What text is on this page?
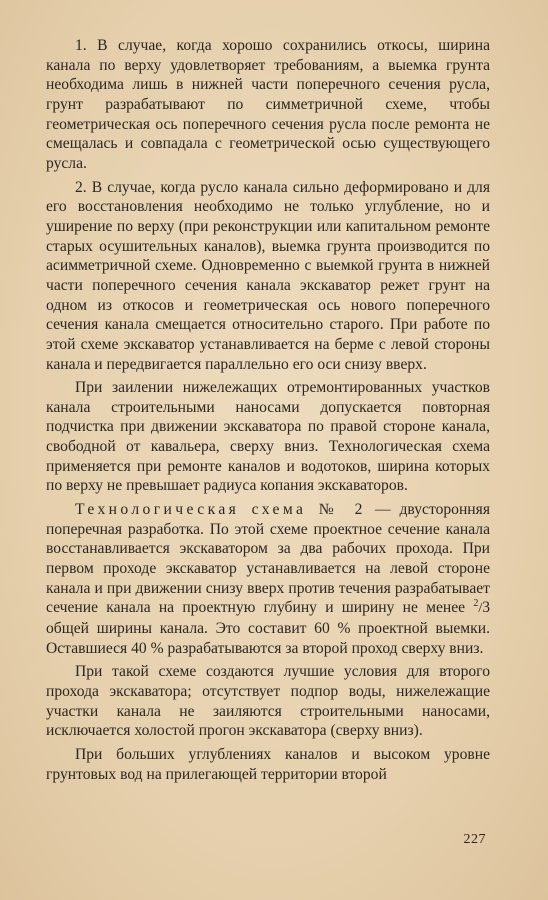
1. В случае, когда хорошо сохранились откосы, ширина канала по верху удовлетворяет требованиям, а выемка грунта необходима лишь в нижней части поперечного сечения русла, грунт разрабатывают по симметричной схеме, чтобы геометрическая ось поперечного сечения русла после ремонта не смещалась и совпадала с геометрической осью существующего русла.

2. В случае, когда русло канала сильно деформировано и для его восстановления необходимо не только углубление, но и уширение по верху (при реконструкции или капитальном ремонте старых осушительных каналов), выемка грунта производится по асимметричной схеме. Одновременно с выемкой грунта в нижней части поперечного сечения канала экскаватор режет грунт на одном из откосов и геометрическая ось нового поперечного сечения канала смещается относительно старого. При работе по этой схеме экскаватор устанавливается на берме с левой стороны канала и передвигается параллельно его оси снизу вверх.

При заилении нижележащих отремонтированных участков канала строительными наносами допускается повторная подчистка при движении экскаватора по правой стороне канала, свободной от кавальера, сверху вниз. Технологическая схема применяется при ремонте каналов и водотоков, ширина которых по верху не превышает радиуса копания экскаваторов.

Технологическая схема № 2 — двусторонняя поперечная разработка. По этой схеме проектное сечение канала восстанавливается экскаватором за два рабочих прохода. При первом проходе экскаватор устанавливается на левой стороне канала и при движении снизу вверх против течения разрабатывает сечение канала на проектную глубину и ширину не менее $^2$/3 общей ширины канала. Это составит 60 % проектной выемки. Оставшиеся 40 % разрабатываются за второй проход сверху вниз.

При такой схеме создаются лучшие условия для второго прохода экскаватора; отсутствует подпор воды, нижележащие участки канала не заиляются строительными наносами, исключается холостой прогон экскаватора (сверху вниз).

При больших углублениях каналов и высоком уровне грунтовых вод на прилегающей территории второй

227
